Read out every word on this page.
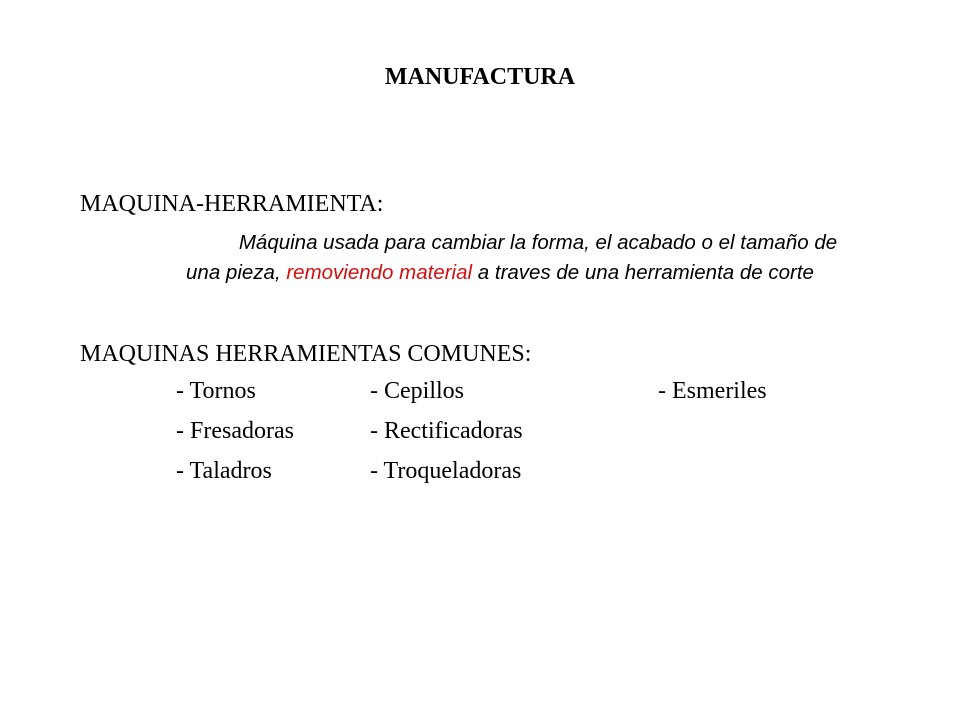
MANUFACTURA
MAQUINA-HERRAMIENTA:
Máquina usada para cambiar la forma, el acabado o el tamaño de
una pieza, removiendo material a traves de una herramienta de corte
MAQUINAS HERRAMIENTAS COMUNES:
- Tornos	- Cepillos	- Esmeriles
- Fresadoras	- Rectificadoras
- Taladros	- Troqueladoras
